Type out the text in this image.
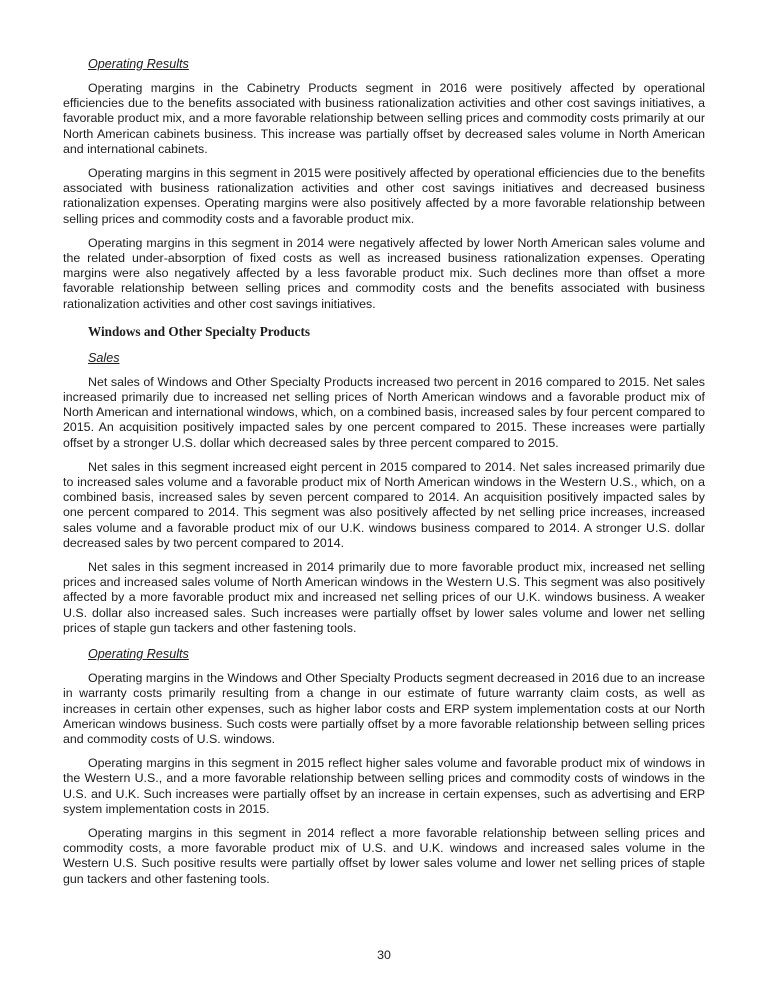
Operating Results

Operating margins in the Cabinetry Products segment in 2016 were positively affected by operational efficiencies due to the benefits associated with business rationalization activities and other cost savings initiatives, a favorable product mix, and a more favorable relationship between selling prices and commodity costs primarily at our North American cabinets business. This increase was partially offset by decreased sales volume in North American and international cabinets.

Operating margins in this segment in 2015 were positively affected by operational efficiencies due to the benefits associated with business rationalization activities and other cost savings initiatives and decreased business rationalization expenses. Operating margins were also positively affected by a more favorable relationship between selling prices and commodity costs and a favorable product mix.

Operating margins in this segment in 2014 were negatively affected by lower North American sales volume and the related under-absorption of fixed costs as well as increased business rationalization expenses. Operating margins were also negatively affected by a less favorable product mix. Such declines more than offset a more favorable relationship between selling prices and commodity costs and the benefits associated with business rationalization activities and other cost savings initiatives.

Windows and Other Specialty Products
Sales

Net sales of Windows and Other Specialty Products increased two percent in 2016 compared to 2015. Net sales increased primarily due to increased net selling prices of North American windows and a favorable product mix of North American and international windows, which, on a combined basis, increased sales by four percent compared to 2015. An acquisition positively impacted sales by one percent compared to 2015. These increases were partially offset by a stronger U.S. dollar which decreased sales by three percent compared to 2015.

Net sales in this segment increased eight percent in 2015 compared to 2014. Net sales increased primarily due to increased sales volume and a favorable product mix of North American windows in the Western U.S., which, on a combined basis, increased sales by seven percent compared to 2014. An acquisition positively impacted sales by one percent compared to 2014. This segment was also positively affected by net selling price increases, increased sales volume and a favorable product mix of our U.K. windows business compared to 2014. A stronger U.S. dollar decreased sales by two percent compared to 2014.

Net sales in this segment increased in 2014 primarily due to more favorable product mix, increased net selling prices and increased sales volume of North American windows in the Western U.S. This segment was also positively affected by a more favorable product mix and increased net selling prices of our U.K. windows business. A weaker U.S. dollar also increased sales. Such increases were partially offset by lower sales volume and lower net selling prices of staple gun tackers and other fastening tools.

Operating Results

Operating margins in the Windows and Other Specialty Products segment decreased in 2016 due to an increase in warranty costs primarily resulting from a change in our estimate of future warranty claim costs, as well as increases in certain other expenses, such as higher labor costs and ERP system implementation costs at our North American windows business. Such costs were partially offset by a more favorable relationship between selling prices and commodity costs of U.S. windows.

Operating margins in this segment in 2015 reflect higher sales volume and favorable product mix of windows in the Western U.S., and a more favorable relationship between selling prices and commodity costs of windows in the U.S. and U.K. Such increases were partially offset by an increase in certain expenses, such as advertising and ERP system implementation costs in 2015.

Operating margins in this segment in 2014 reflect a more favorable relationship between selling prices and commodity costs, a more favorable product mix of U.S. and U.K. windows and increased sales volume in the Western U.S. Such positive results were partially offset by lower sales volume and lower net selling prices of staple gun tackers and other fastening tools.

30
